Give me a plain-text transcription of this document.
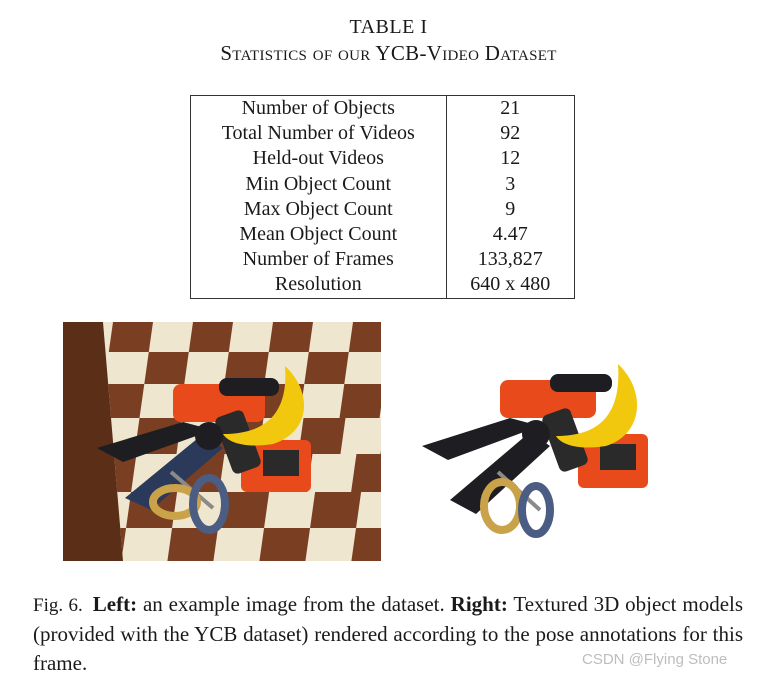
TABLE I
Statistics of our YCB-Video Dataset
Number of Objects	21
Total Number of Videos	92
Held-out Videos	12
Min Object Count	3
Max Object Count	9
Mean Object Count	4.47
Number of Frames	133,827
Resolution	640 x 480
Fig. 6. Left: an example image from the dataset. Right: Textured 3D object models (provided with the YCB dataset) rendered according to the pose annotations for this frame.	CSDN @Flying Stone
